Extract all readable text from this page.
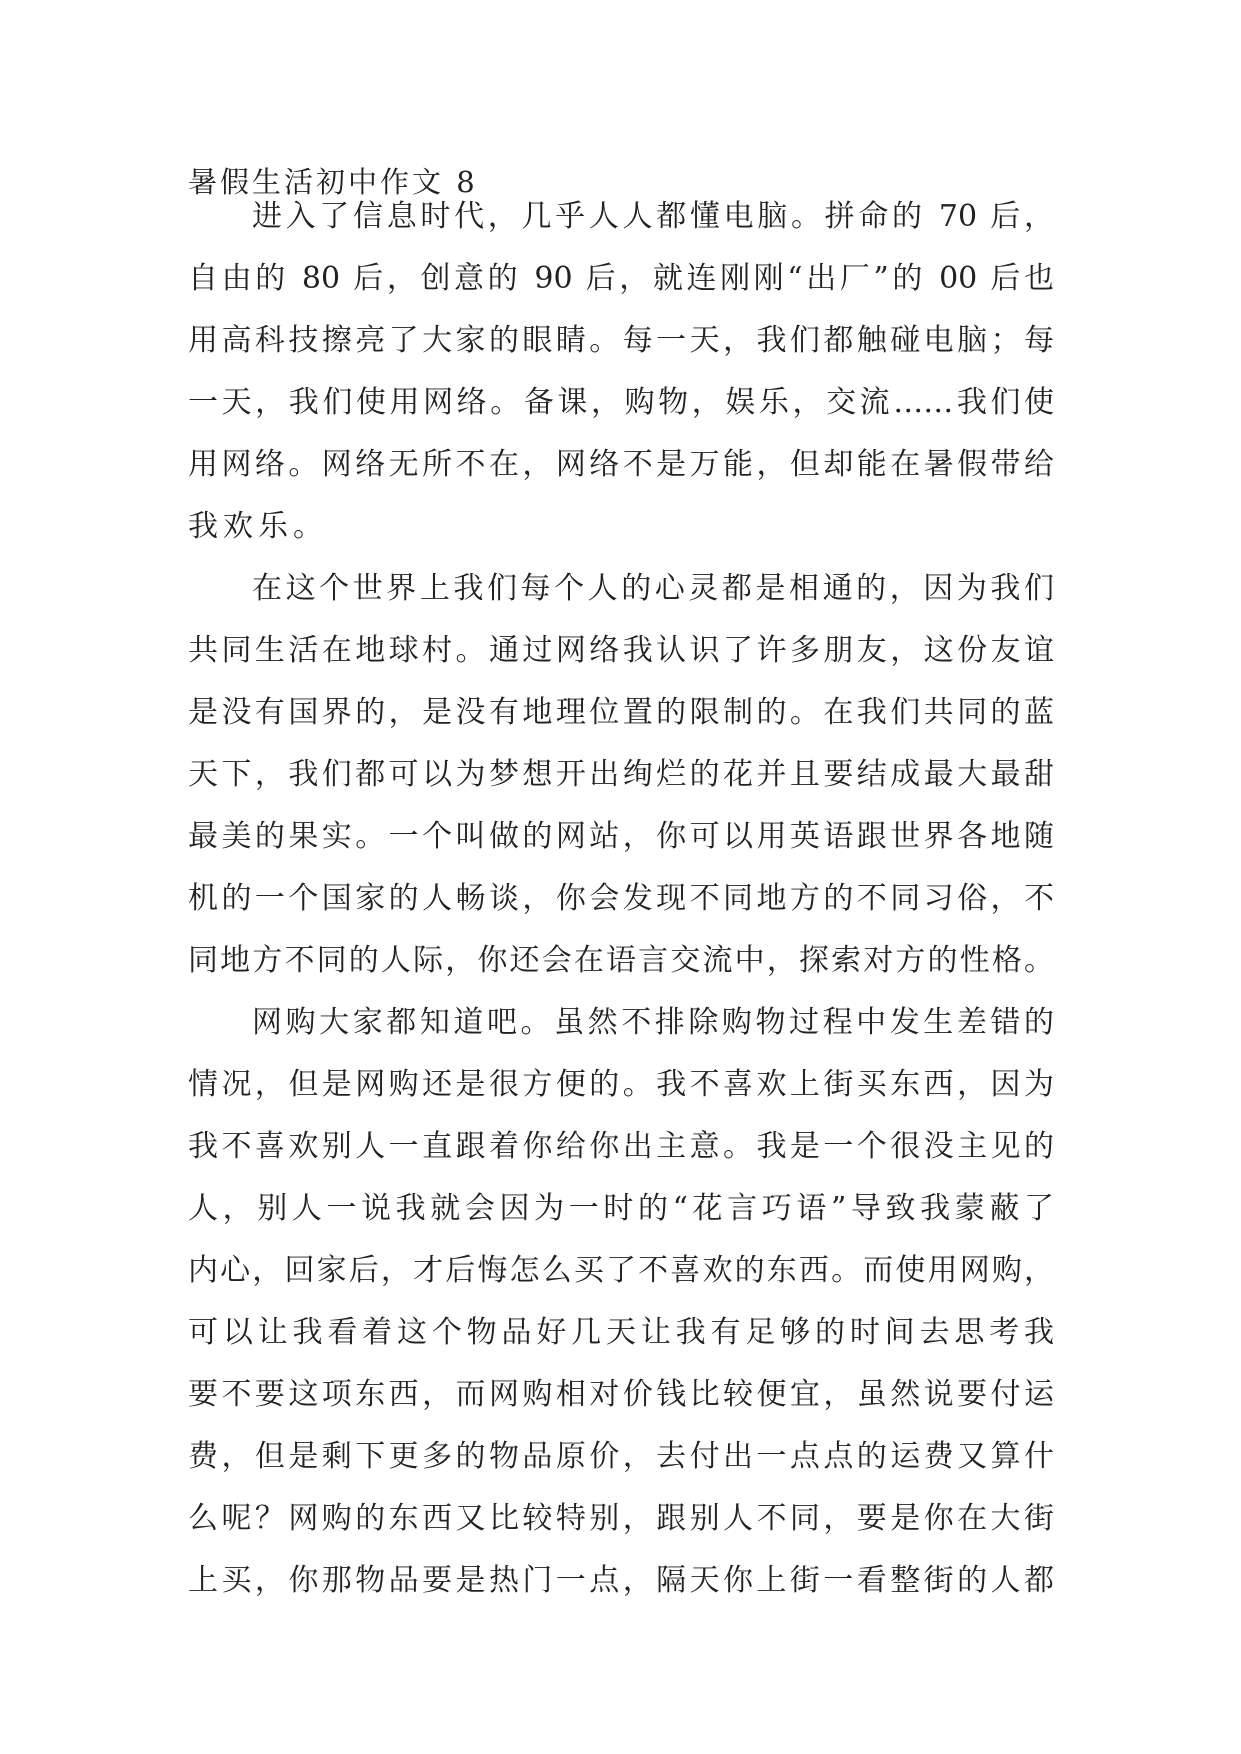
暑假生活初中作文 8
进入了信息时代，几乎人人都懂电脑。拼命的 70 后，
自由的 80 后，创意的 90 后，就连刚刚“出厂”的 00 后也
用高科技擦亮了大家的眼睛。每一天，我们都触碰电脑；每
一天，我们使用网络。备课，购物，娱乐，交流……我们使
用网络。网络无所不在，网络不是万能，但却能在暑假带给
我欢乐。
在这个世界上我们每个人的心灵都是相通的，因为我们
共同生活在地球村。通过网络我认识了许多朋友，这份友谊
是没有国界的，是没有地理位置的限制的。在我们共同的蓝
天下，我们都可以为梦想开出绚烂的花并且要结成最大最甜
最美的果实。一个叫做的网站，你可以用英语跟世界各地随
机的一个国家的人畅谈，你会发现不同地方的不同习俗，不
同地方不同的人际，你还会在语言交流中，探索对方的性格。
网购大家都知道吧。虽然不排除购物过程中发生差错的
情况，但是网购还是很方便的。我不喜欢上街买东西，因为
我不喜欢别人一直跟着你给你出主意。我是一个很没主见的
人，别人一说我就会因为一时的“花言巧语”导致我蒙蔽了
内心，回家后，才后悔怎么买了不喜欢的东西。而使用网购，
可以让我看着这个物品好几天让我有足够的时间去思考我
要不要这项东西，而网购相对价钱比较便宜，虽然说要付运
费，但是剩下更多的物品原价，去付出一点点的运费又算什
么呢？网购的东西又比较特别，跟别人不同，要是你在大街
上买，你那物品要是热门一点，隔天你上街一看整街的人都
